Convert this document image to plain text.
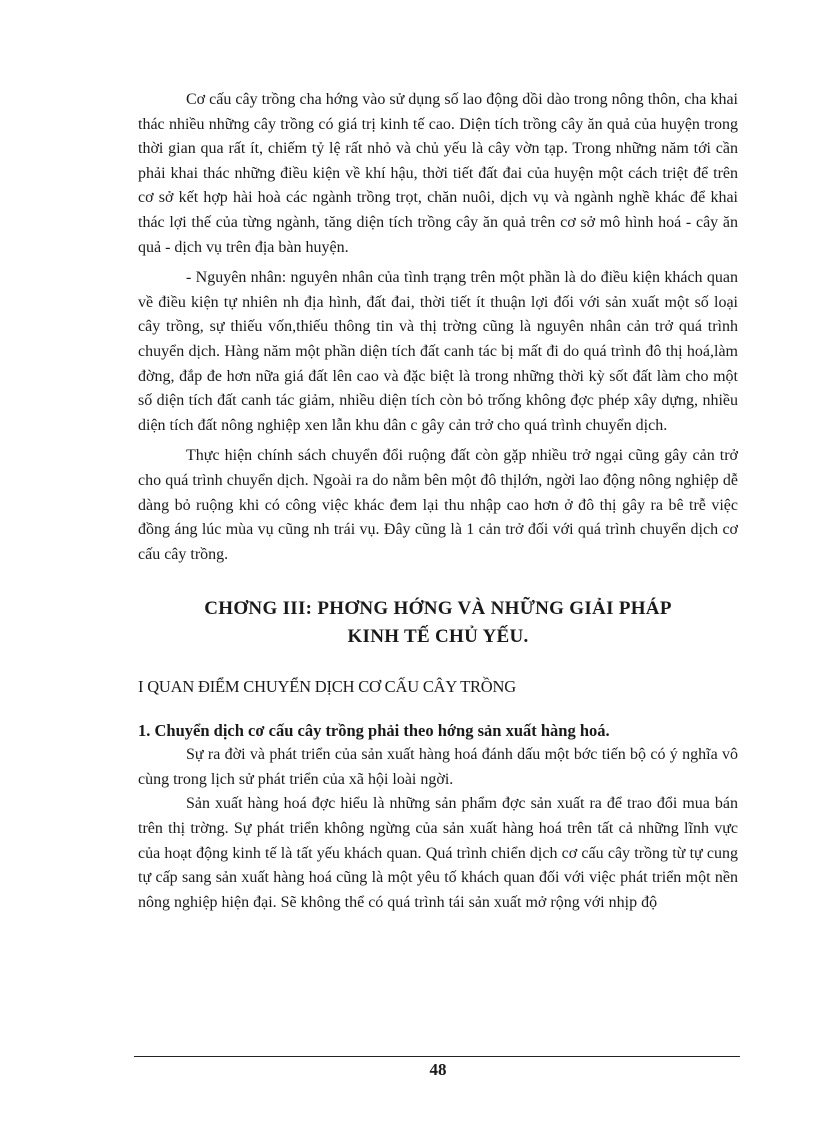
Cơ cấu cây trồng cha hớng vào sử dụng số lao động dồi dào trong nông thôn, cha khai thác nhiều những cây trồng có giá trị kinh tế cao. Diện tích trồng cây ăn quả của huyện trong thời gian qua rất ít, chiếm tỷ lệ rất nhỏ và chủ yếu là cây vờn tạp. Trong những năm tới cần phải khai thác những điều kiện về khí hậu, thời tiết đất đai của huyện một cách triệt để trên cơ sở kết hợp hài hoà các ngành trồng trọt, chăn nuôi, dịch vụ và ngành nghề khác để khai thác lợi thế của từng ngành, tăng diện tích trồng cây ăn quả trên cơ sở mô hình hoá - cây ăn quả - dịch vụ trên địa bàn huyện.

- Nguyên nhân: nguyên nhân của tình trạng trên một phần là do điều kiện khách quan về điều kiện tự nhiên nh địa hình, đất đai, thời tiết ít thuận lợi đối với sản xuất một số loại cây trồng, sự thiếu vốn,thiếu thông tin và thị trờng cũng là nguyên nhân cản trở quá trình chuyển dịch. Hàng năm một phần diện tích đất canh tác bị mất đi do quá trình đô thị hoá,làm đờng, đắp đe hơn nữa giá đất lên cao và đặc biệt là trong những thời kỳ sốt đất làm cho một số diện tích đất canh tác giảm, nhiều diện tích còn bỏ trống không đợc phép xây dựng, nhiều diện tích đất nông nghiệp xen lẫn khu dân c gây cản trở cho quá trình chuyển dịch.

Thực hiện chính sách chuyển đổi ruộng đất còn gặp nhiều trở ngại cũng gây cản trở cho quá trình chuyển dịch. Ngoài ra do nằm bên một đô thịlớn, ngời lao động nông nghiệp dễ dàng bỏ ruộng khi có công việc khác đem lại thu nhập cao hơn ở đô thị gây ra bê trễ việc đồng áng lúc mùa vụ cũng nh trái vụ. Đây cũng là 1 cản trở đối với quá trình chuyển dịch cơ cấu cây trồng.

CHƠNG III: PHƠNG HỚNG VÀ NHỮNG GIẢI PHÁP

KINH TẾ CHỦ YẾU.

I QUAN ĐIỂM CHUYỂN DỊCH CƠ CẤU CÂY TRỒNG

1. Chuyển dịch cơ cấu cây trồng phải theo hớng sản xuất hàng hoá.

Sự ra đời và phát triển của sản xuất hàng hoá đánh dấu một bớc tiến bộ có ý nghĩa vô cùng trong lịch sử phát triển của xã hội loài ngời.

Sản xuất hàng hoá đợc hiểu là những sản phẩm đợc sản xuất ra để trao đổi mua bán trên thị trờng. Sự phát triển không ngừng của sản xuất hàng hoá trên tất cả những lĩnh vực của hoạt động kinh tế là tất yếu khách quan. Quá trình chiển dịch cơ cấu cây trồng từ tự cung tự cấp sang sản xuất hàng hoá cũng là một yêu tố khách quan đối với việc phát triển một nền nông nghiệp hiện đại. Sẽ không thể có quá trình tái sản xuất mở rộng với nhịp độ

48
